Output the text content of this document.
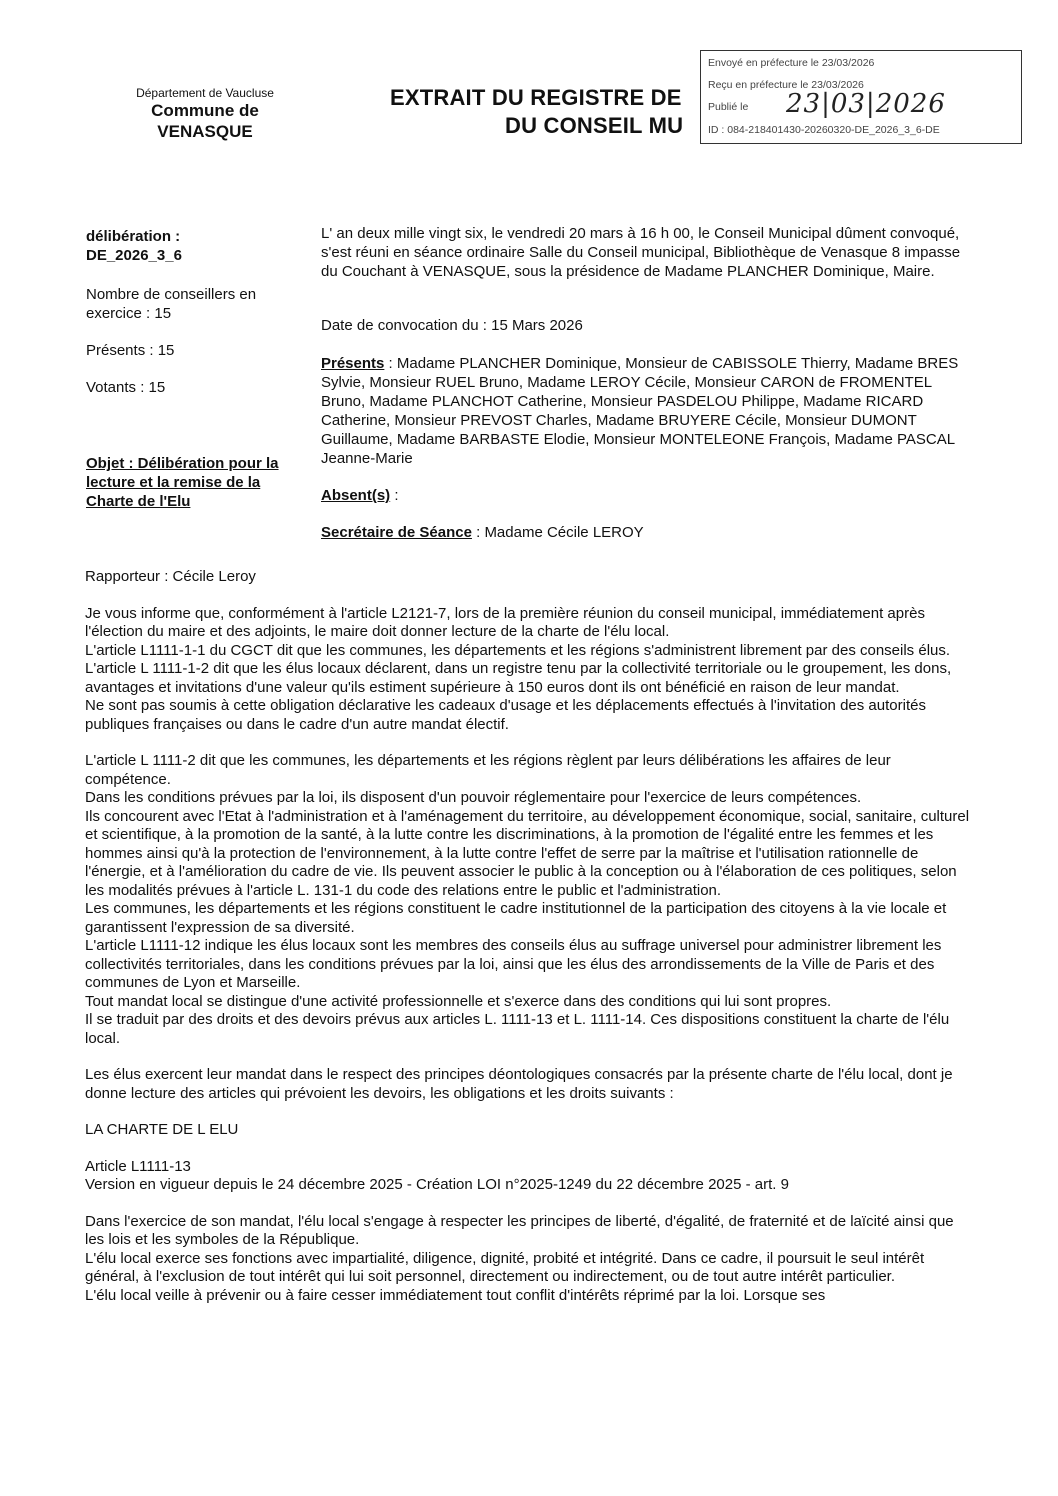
Département de Vaucluse
Commune de
VENASQUE
EXTRAIT DU REGISTRE DE
DU CONSEIL MU
Envoyé en préfecture le 23/03/2026
Reçu en préfecture le 23/03/2026
Publié le 23|03|2026
ID : 084-218401430-20260320-DE_2026_3_6-DE
délibération :
DE_2026_3_6
Nombre de conseillers en exercice : 15
Présents : 15
Votants : 15
Objet : Délibération pour la lecture et la remise de la Charte de l'Elu
L' an deux mille vingt six, le vendredi 20 mars à 16 h 00, le Conseil Municipal dûment convoqué, s'est réuni en séance ordinaire Salle du Conseil municipal, Bibliothèque de Venasque 8 impasse du Couchant à VENASQUE, sous la présidence de Madame PLANCHER Dominique, Maire.
Date de convocation du : 15 Mars 2026
Présents : Madame PLANCHER Dominique, Monsieur de CABISSOLE Thierry, Madame BRES Sylvie, Monsieur RUEL Bruno, Madame LEROY Cécile, Monsieur CARON de FROMENTEL Bruno, Madame PLANCHOT Catherine, Monsieur PASDELOU Philippe, Madame RICARD Catherine, Monsieur PREVOST Charles, Madame BRUYERE Cécile, Monsieur DUMONT Guillaume, Madame BARBASTE Elodie, Monsieur MONTELEONE François, Madame PASCAL Jeanne-Marie
Absent(s) :
Secrétaire de Séance : Madame Cécile LEROY

Rapporteur : Cécile Leroy

Je vous informe que, conformément à l'article L2121-7, lors de la première réunion du conseil municipal, immédiatement après l'élection du maire et des adjoints, le maire doit donner lecture de la charte de l'élu local.

L'article L1111-1-1 du CGCT dit que les communes, les départements et les régions s'administrent librement par des conseils élus.

L'article L 1111-1-2 dit que les élus locaux déclarent, dans un registre tenu par la collectivité territoriale ou le groupement, les dons, avantages et invitations d'une valeur qu'ils estiment supérieure à 150 euros dont ils ont bénéficié en raison de leur mandat.

Ne sont pas soumis à cette obligation déclarative les cadeaux d'usage et les déplacements effectués à l'invitation des autorités publiques françaises ou dans le cadre d'un autre mandat électif.

L'article L 1111-2 dit que les communes, les départements et les régions règlent par leurs délibérations les affaires de leur compétence.

Dans les conditions prévues par la loi, ils disposent d'un pouvoir réglementaire pour l'exercice de leurs compétences.

Ils concourent avec l'Etat à l'administration et à l'aménagement du territoire, au développement économique, social, sanitaire, culturel et scientifique, à la promotion de la santé, à la lutte contre les discriminations, à la promotion de l'égalité entre les femmes et les hommes ainsi qu'à la protection de l'environnement, à la lutte contre l'effet de serre par la maîtrise et l'utilisation rationnelle de l'énergie, et à l'amélioration du cadre de vie. Ils peuvent associer le public à la conception ou à l'élaboration de ces politiques, selon les modalités prévues à l'article L. 131-1 du code des relations entre le public et l'administration.

Les communes, les départements et les régions constituent le cadre institutionnel de la participation des citoyens à la vie locale et garantissent l'expression de sa diversité.

L'article L1111-12 indique les élus locaux sont les membres des conseils élus au suffrage universel pour administrer librement les collectivités territoriales, dans les conditions prévues par la loi, ainsi que les élus des arrondissements de la Ville de Paris et des communes de Lyon et Marseille.

Tout mandat local se distingue d'une activité professionnelle et s'exerce dans des conditions qui lui sont propres.

Il se traduit par des droits et des devoirs prévus aux articles L. 1111-13 et L. 1111-14. Ces dispositions constituent la charte de l'élu local.

Les élus exercent leur mandat dans le respect des principes déontologiques consacrés par la présente charte de l'élu local, dont je donne lecture des articles qui prévoient les devoirs, les obligations et les droits suivants :

LA CHARTE DE L ELU

Article L1111-13

Version en vigueur depuis le 24 décembre 2025 - Création LOI n°2025-1249 du 22 décembre 2025 - art. 9

Dans l'exercice de son mandat, l'élu local s'engage à respecter les principes de liberté, d'égalité, de fraternité et de laïcité ainsi que les lois et les symboles de la République.

L'élu local exerce ses fonctions avec impartialité, diligence, dignité, probité et intégrité. Dans ce cadre, il poursuit le seul intérêt général, à l'exclusion de tout intérêt qui lui soit personnel, directement ou indirectement, ou de tout autre intérêt particulier.

L'élu local veille à prévenir ou à faire cesser immédiatement tout conflit d'intérêts réprimé par la loi. Lorsque ses
